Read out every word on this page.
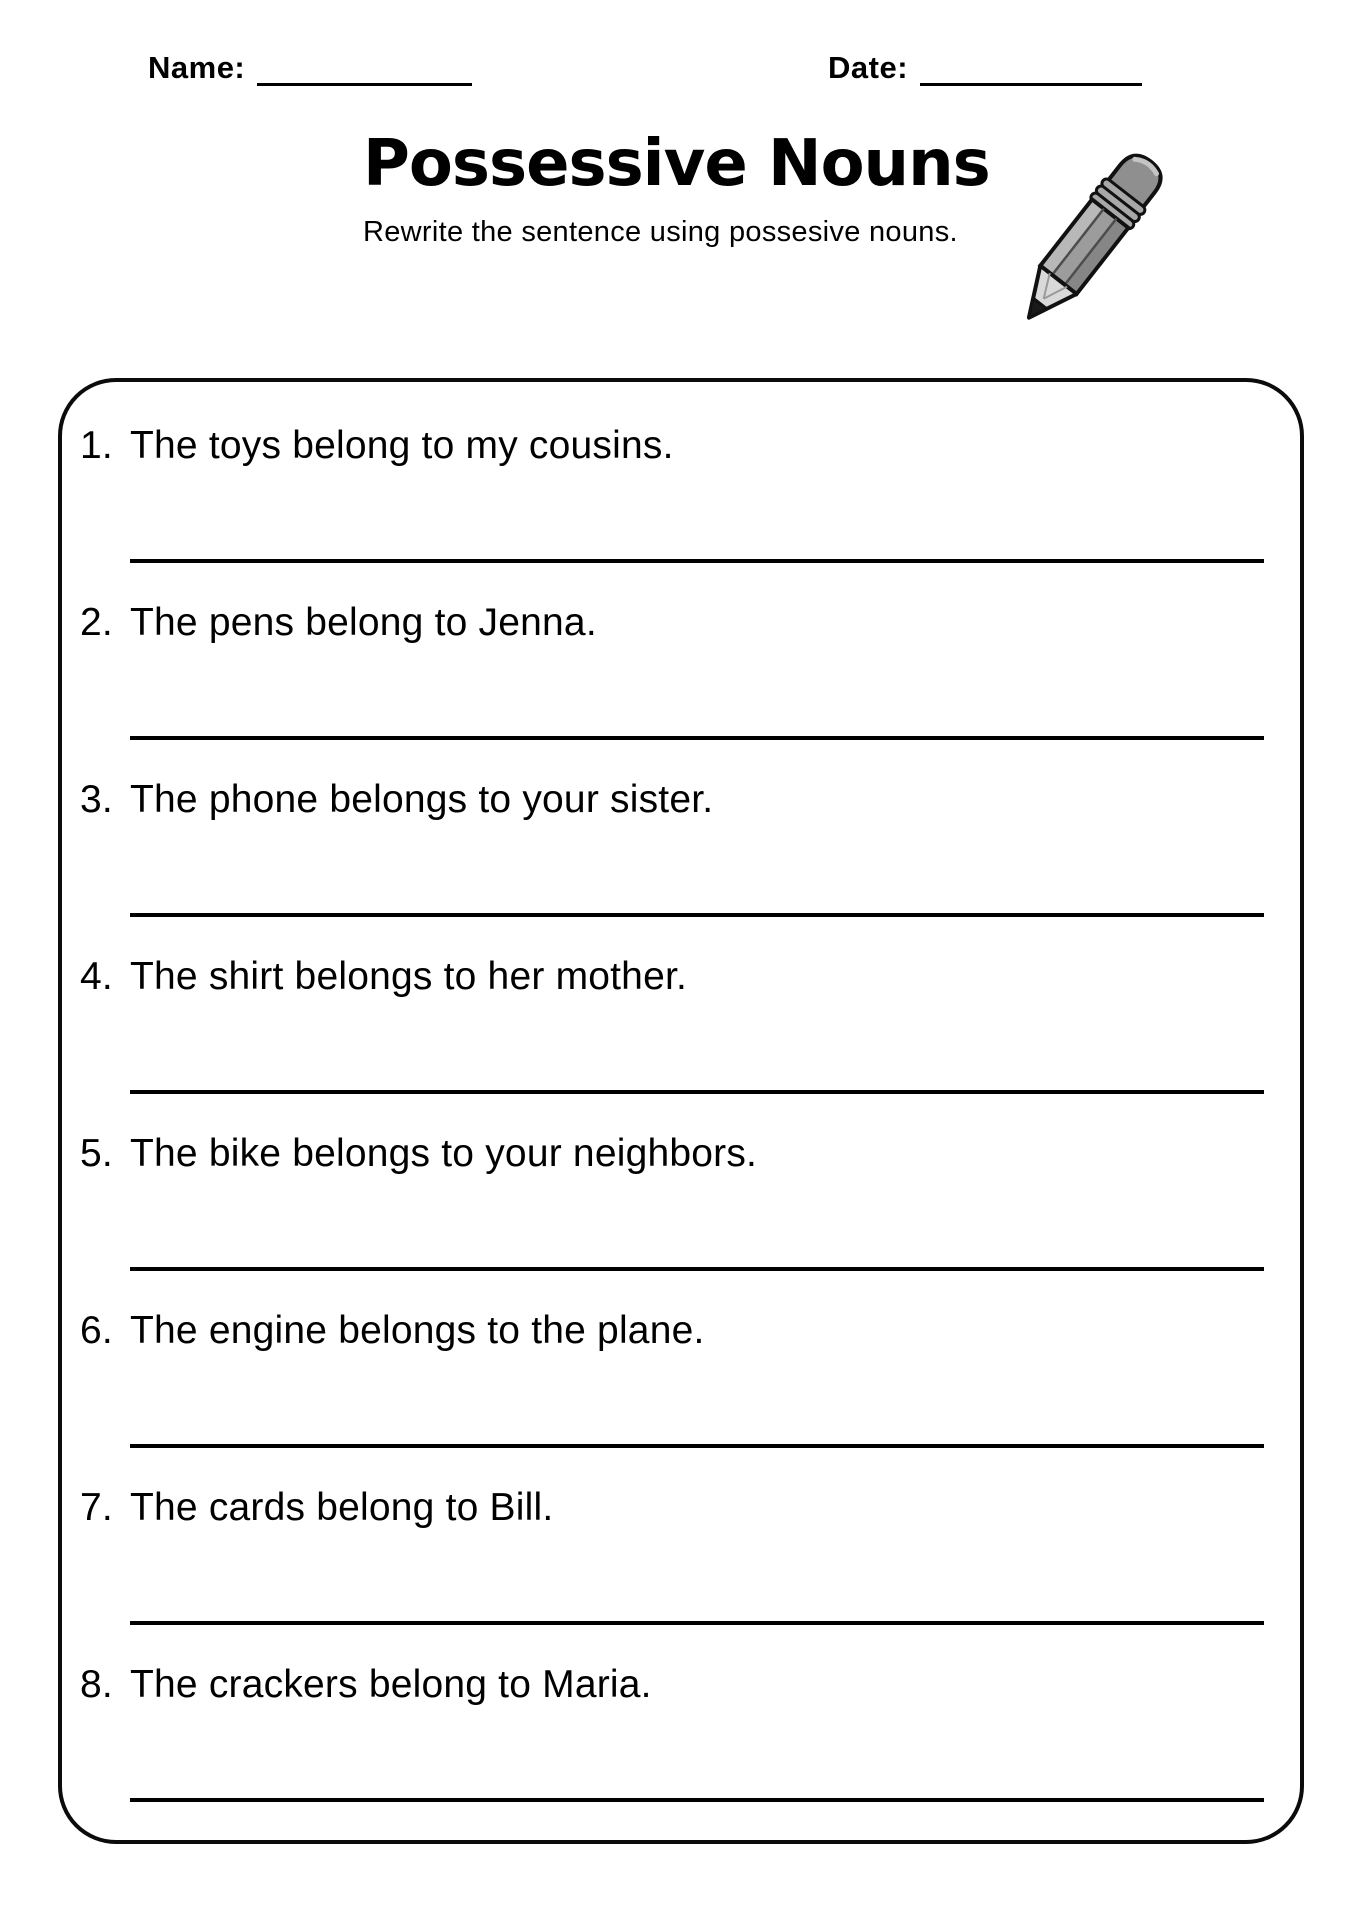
Name:	Date:
Possessive Nouns
Rewrite the sentence using possesive nouns.
1. The toys belong to my cousins.
2. The pens belong to Jenna.
3. The phone belongs to your sister.
4. The shirt belongs to her mother.
5. The bike belongs to your neighbors.
6. The engine belongs to the plane.
7. The cards belong to Bill.
8. The crackers belong to Maria.
